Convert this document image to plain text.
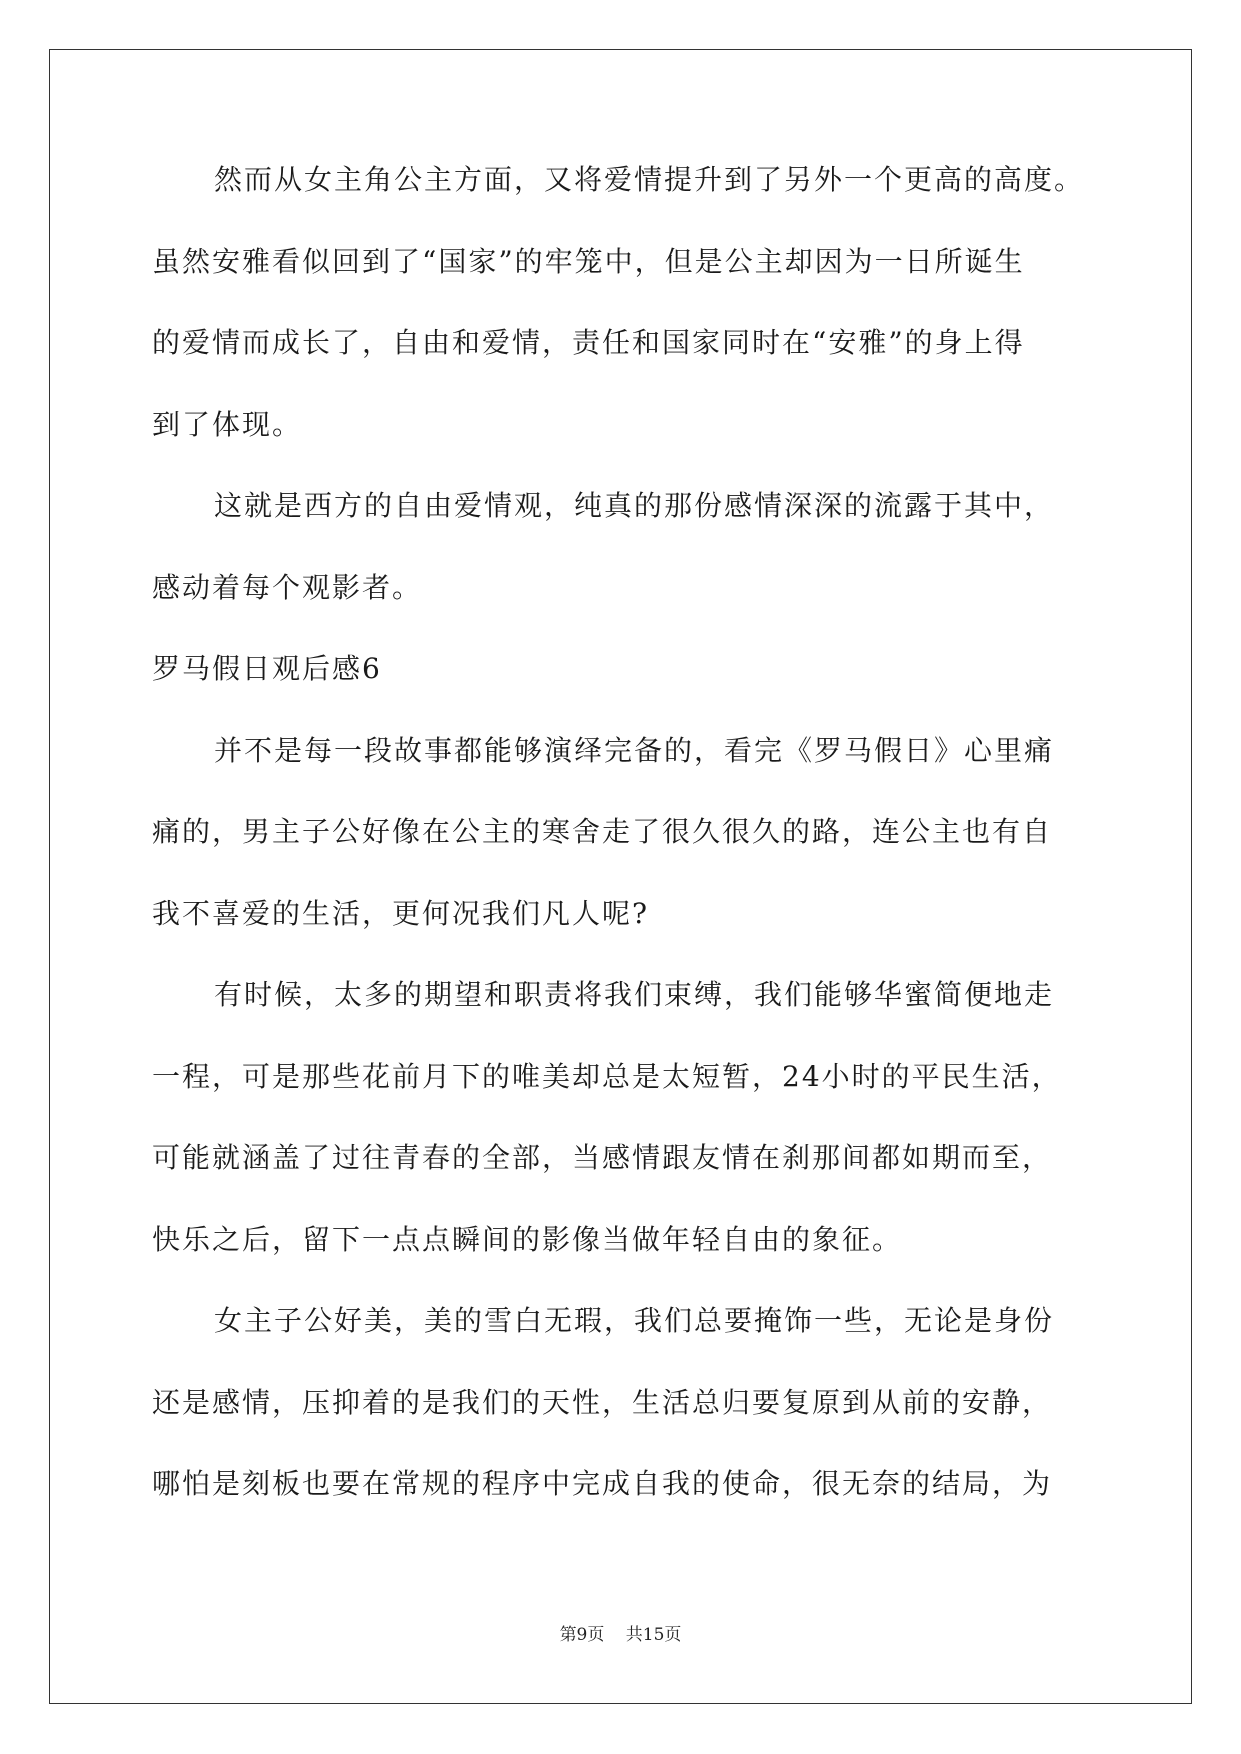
然而从女主角公主方面，又将爱情提升到了另外一个更高的高度。
虽然安雅看似回到了“国家”的牢笼中，但是公主却因为一日所诞生
的爱情而成长了，自由和爱情，责任和国家同时在“安雅”的身上得
到了体现。
这就是西方的自由爱情观，纯真的那份感情深深的流露于其中，
感动着每个观影者。
罗马假日观后感6
并不是每一段故事都能够演绎完备的，看完《罗马假日》心里痛
痛的，男主子公好像在公主的寒舍走了很久很久的路，连公主也有自
我不喜爱的生活，更何况我们凡人呢?
有时候，太多的期望和职责将我们束缚，我们能够华蜜简便地走
一程，可是那些花前月下的唯美却总是太短暂，24小时的平民生活，
可能就涵盖了过往青春的全部，当感情跟友情在刹那间都如期而至，
快乐之后，留下一点点瞬间的影像当做年轻自由的象征。
女主子公好美，美的雪白无瑕，我们总要掩饰一些，无论是身份
还是感情，压抑着的是我们的天性，生活总归要复原到从前的安静，
哪怕是刻板也要在常规的程序中完成自我的使命，很无奈的结局，为
第9页 共15页
